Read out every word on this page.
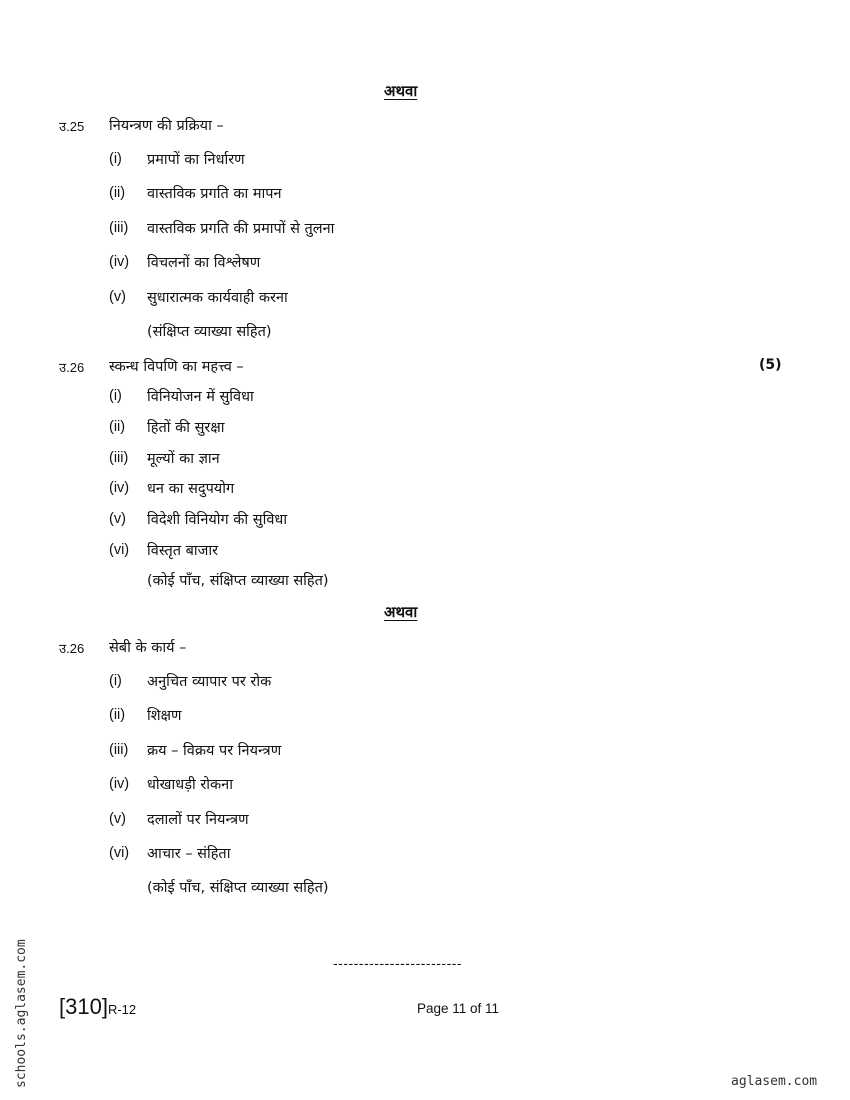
अथवा
उ.25 नियन्त्रण की प्रक्रिया –
(i) प्रमापों का निर्धारण
(ii) वास्तविक प्रगति का मापन
(iii) वास्तविक प्रगति की प्रमापों से तुलना
(iv) विचलनों का विश्लेषण
(v) सुधारात्मक कार्यवाही करना
(संक्षिप्त व्याख्या सहित)
उ.26 स्कन्ध विपणि का महत्त्व –	(5)
(i) विनियोजन में सुविधा
(ii) हितों की सुरक्षा
(iii) मूल्यों का ज्ञान
(iv) धन का सदुपयोग
(v) विदेशी विनियोग की सुविधा
(vi) विस्तृत बाजार
(कोई पाँच, संक्षिप्त व्याख्या सहित)
अथवा
उ.26 सेबी के कार्य –
(i) अनुचित व्यापार पर रोक
(ii) शिक्षण
(iii) क्रय – विक्रय पर नियन्त्रण
(iv) धोखाधड़ी रोकना
(v) दलालों पर नियन्त्रण
(vi) आचार – संहिता
(कोई पाँच, संक्षिप्त व्याख्या सहित)
-------------------------
[310]R-12	Page 11 of 11
schools.aglasem.com	aglasem.com
